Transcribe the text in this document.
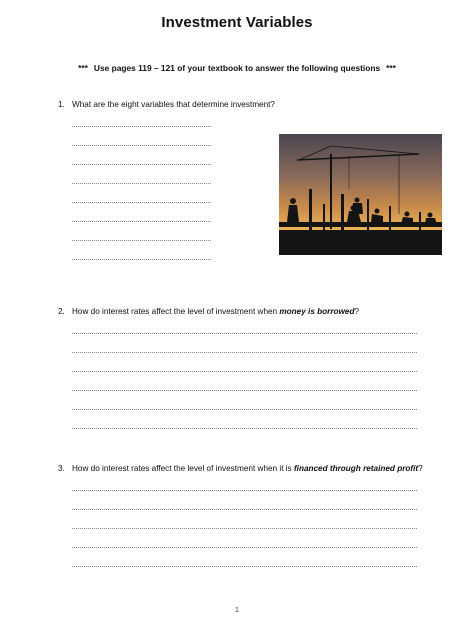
Investment Variables
*** Use pages 119 – 121 of your textbook to answer the following questions ***
1. What are the eight variables that determine investment?
2. How do interest rates affect the level of investment when money is borrowed?
3. How do interest rates affect the level of investment when it is financed through retained profit?
1
